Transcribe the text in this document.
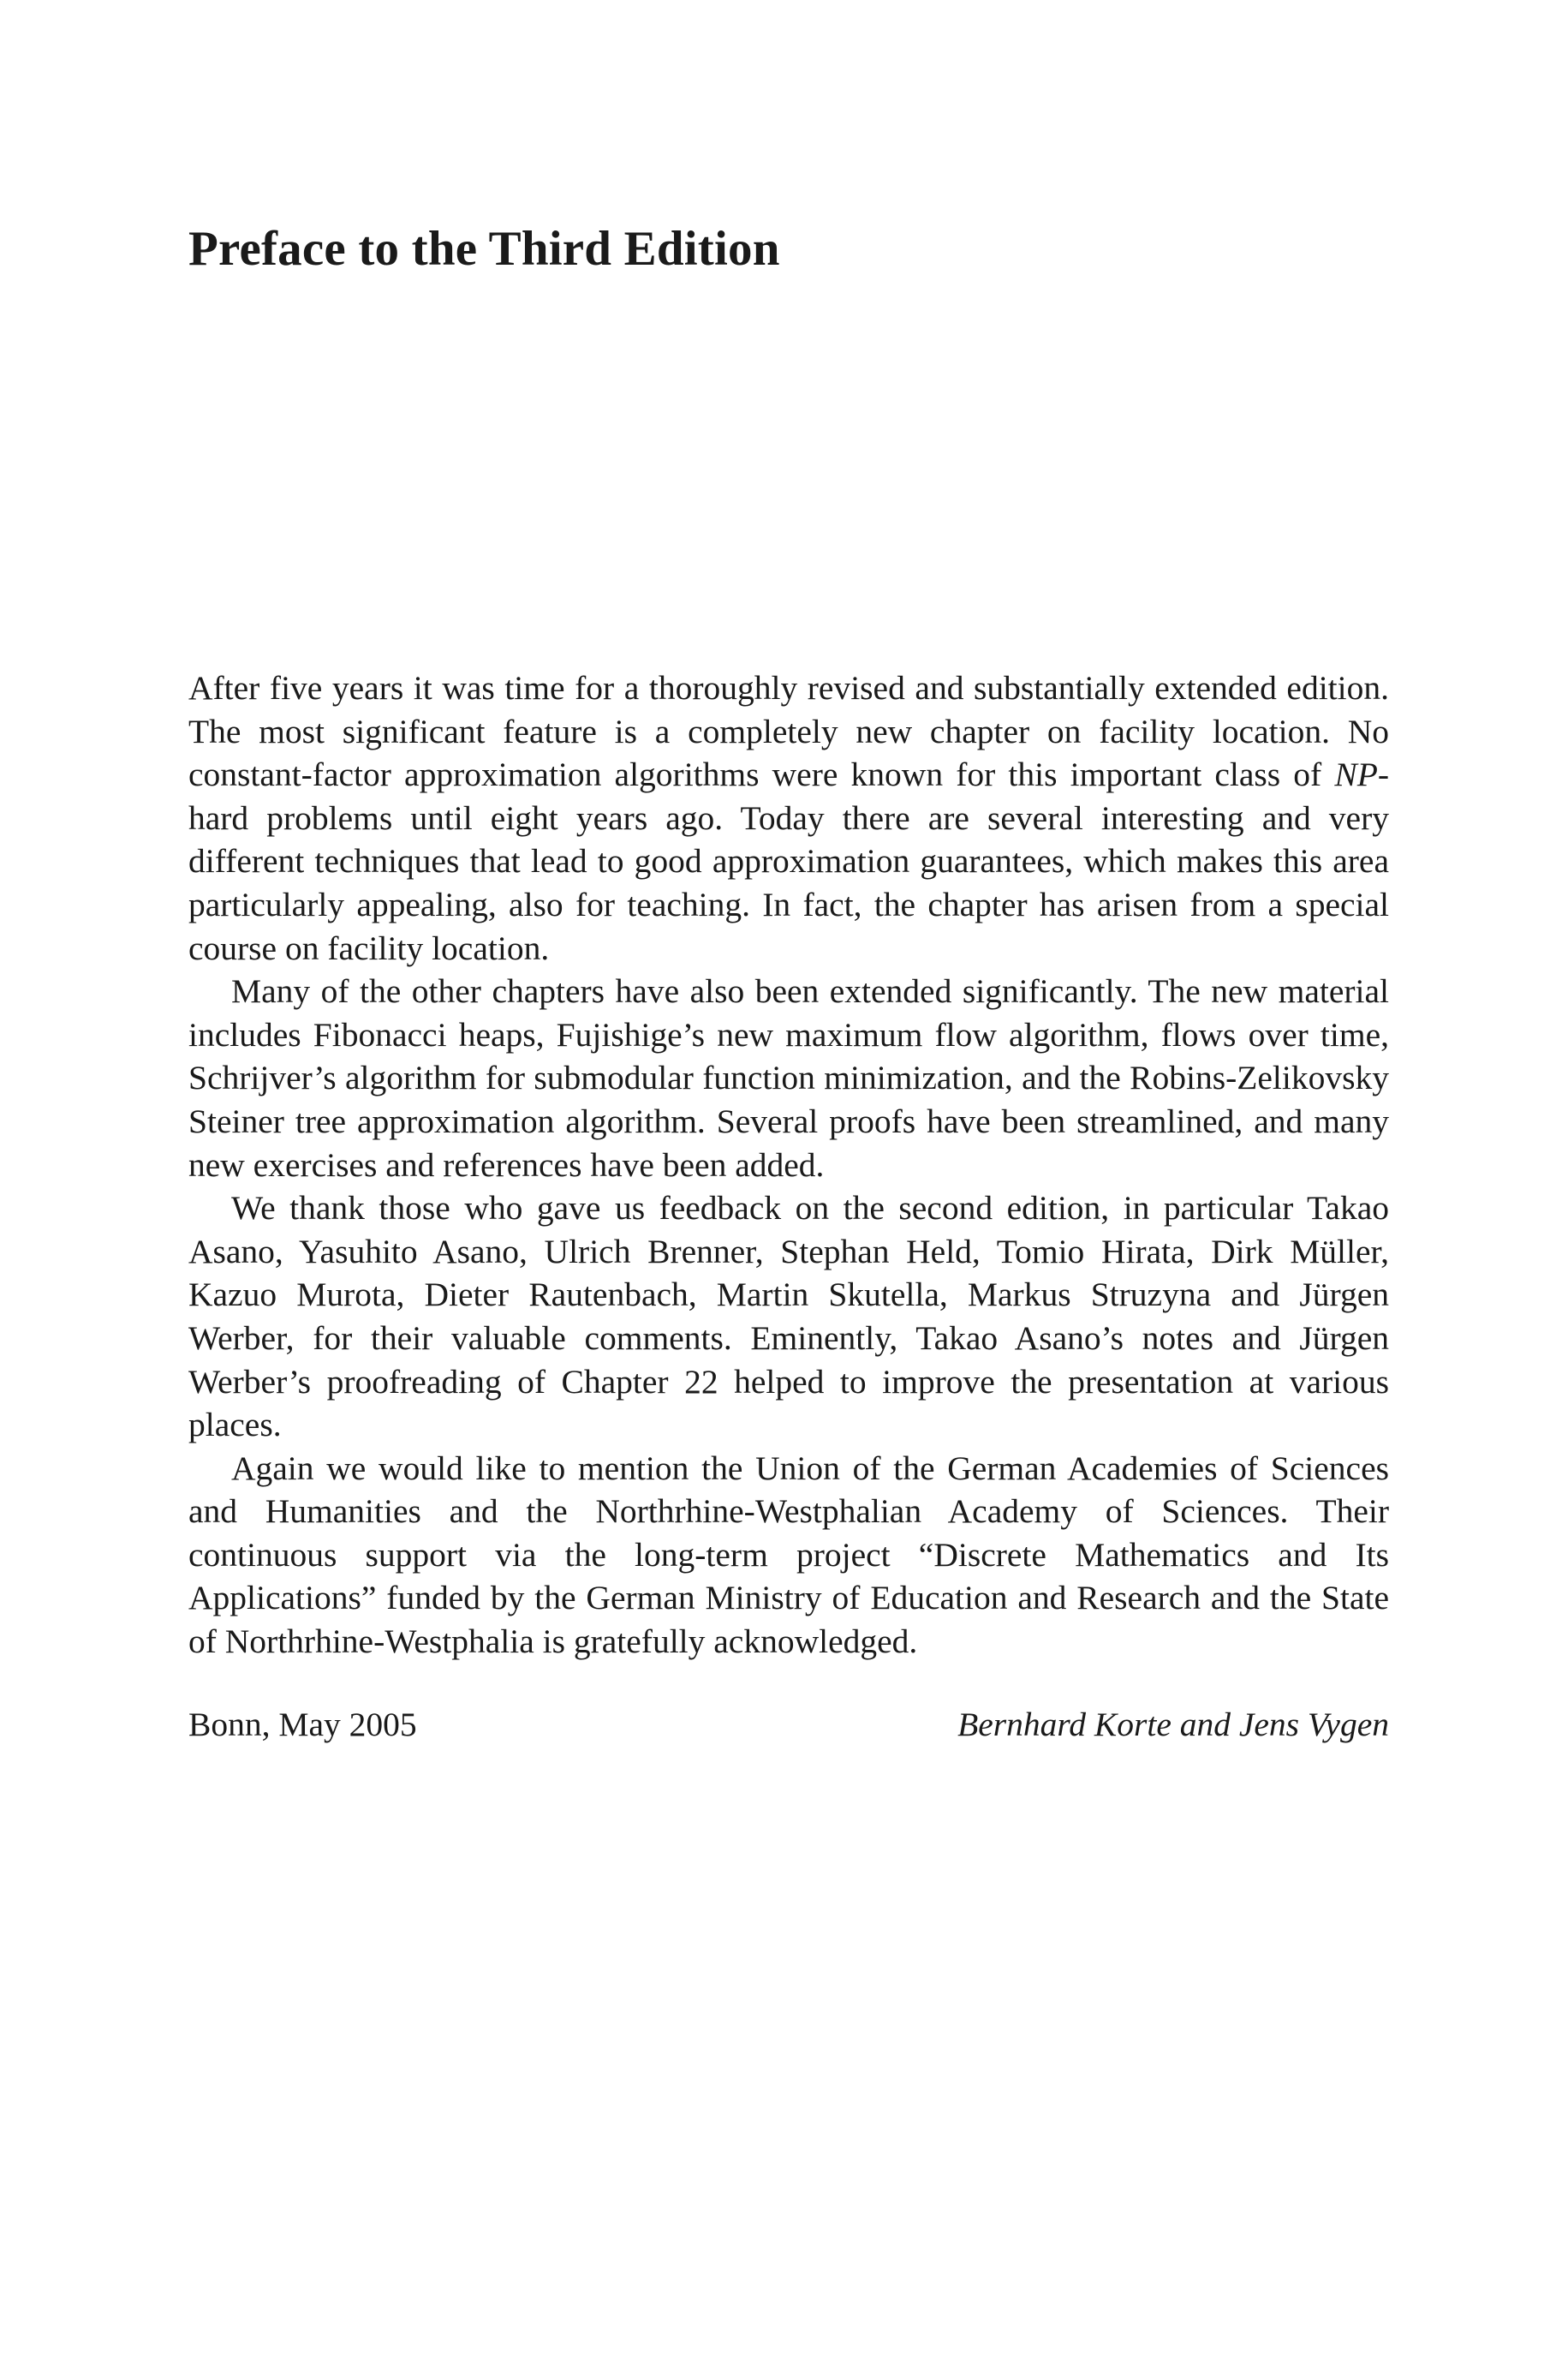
Preface to the Third Edition

After five years it was time for a thoroughly revised and substantially extended edition. The most significant feature is a completely new chapter on facility location. No constant-factor approximation algorithms were known for this important class of NP-hard problems until eight years ago. Today there are several interesting and very different techniques that lead to good approximation guarantees, which makes this area particularly appealing, also for teaching. In fact, the chapter has arisen from a special course on facility location.

Many of the other chapters have also been extended significantly. The new material includes Fibonacci heaps, Fujishige’s new maximum flow algorithm, flows over time, Schrijver’s algorithm for submodular function minimization, and the Robins-Zelikovsky Steiner tree approximation algorithm. Several proofs have been streamlined, and many new exercises and references have been added.

We thank those who gave us feedback on the second edition, in particular Takao Asano, Yasuhito Asano, Ulrich Brenner, Stephan Held, Tomio Hirata, Dirk Müller, Kazuo Murota, Dieter Rautenbach, Martin Skutella, Markus Struzyna and Jürgen Werber, for their valuable comments. Eminently, Takao Asano’s notes and Jürgen Werber’s proofreading of Chapter 22 helped to improve the presentation at various places.

Again we would like to mention the Union of the German Academies of Sciences and Humanities and the Northrhine-Westphalian Academy of Sciences. Their continuous support via the long-term project “Discrete Mathematics and Its Applications” funded by the German Ministry of Education and Research and the State of Northrhine-Westphalia is gratefully acknowledged.

Bonn, May 2005	Bernhard Korte and Jens Vygen
